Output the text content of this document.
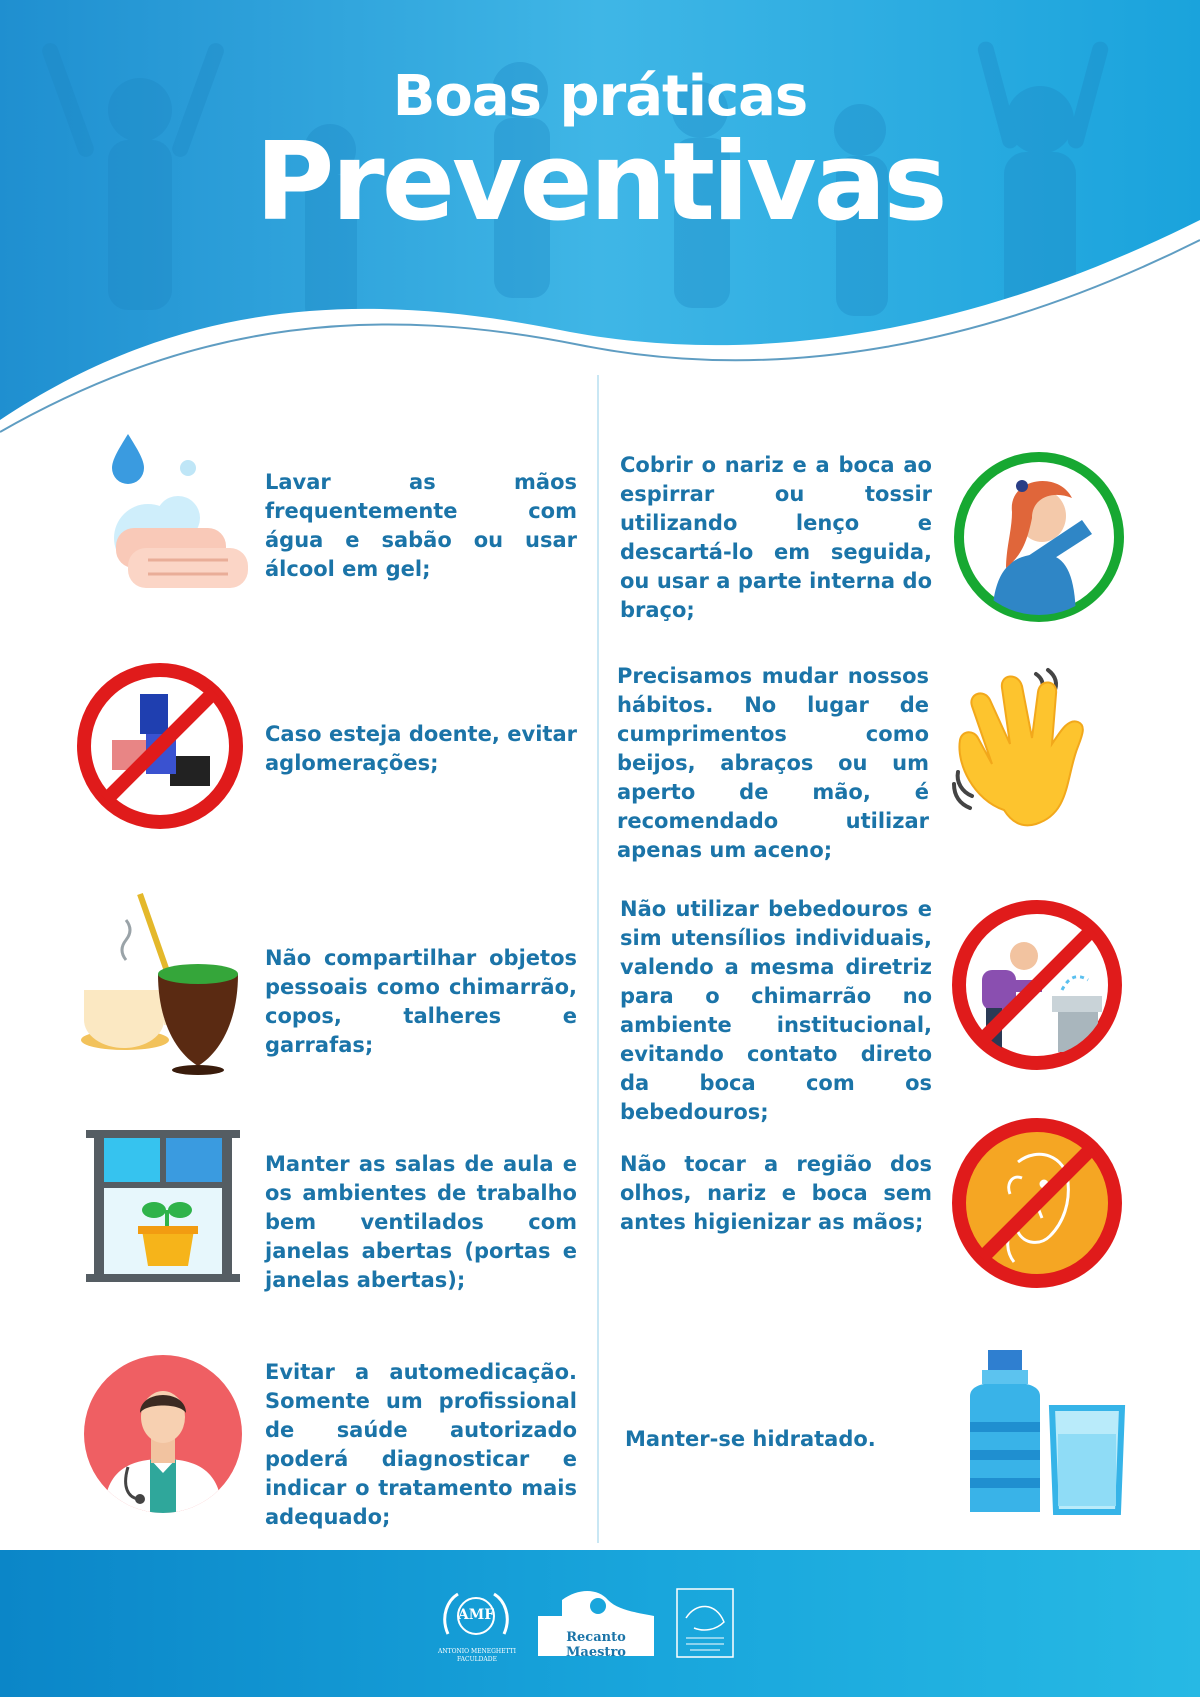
Boas práticas
Preventivas
Lavar as mãos frequentemente com água e sabão ou usar álcool em gel;
Caso esteja doente, evitar aglomerações;
Não compartilhar objetos pessoais como chimarrão, copos, talheres e garrafas;
Manter as salas de aula e os ambientes de trabalho bem ventilados com janelas abertas (portas e janelas abertas);
Evitar a automedicação. Somente um profissional de saúde autorizado poderá diagnosticar e indicar o tratamento mais adequado;
Cobrir o nariz e a boca ao espirrar ou tossir utilizando lenço e descartá-lo em seguida, ou usar a parte interna do braço;
Precisamos mudar nossos hábitos. No lugar de cumprimentos como beijos, abraços ou um aperto de mão, é recomendado utilizar apenas um aceno;
Não utilizar bebedouros e sim utensílios individuais, valendo a mesma diretriz para o chimarrão no ambiente institucional, evitando contato direto da boca com os bebedouros;
Não tocar a região dos olhos, nariz e boca sem antes higienizar as mãos;
Manter-se hidratado.
AMF
ANTONIO MENEGHETTI FACULDADE
Recanto Maestro
